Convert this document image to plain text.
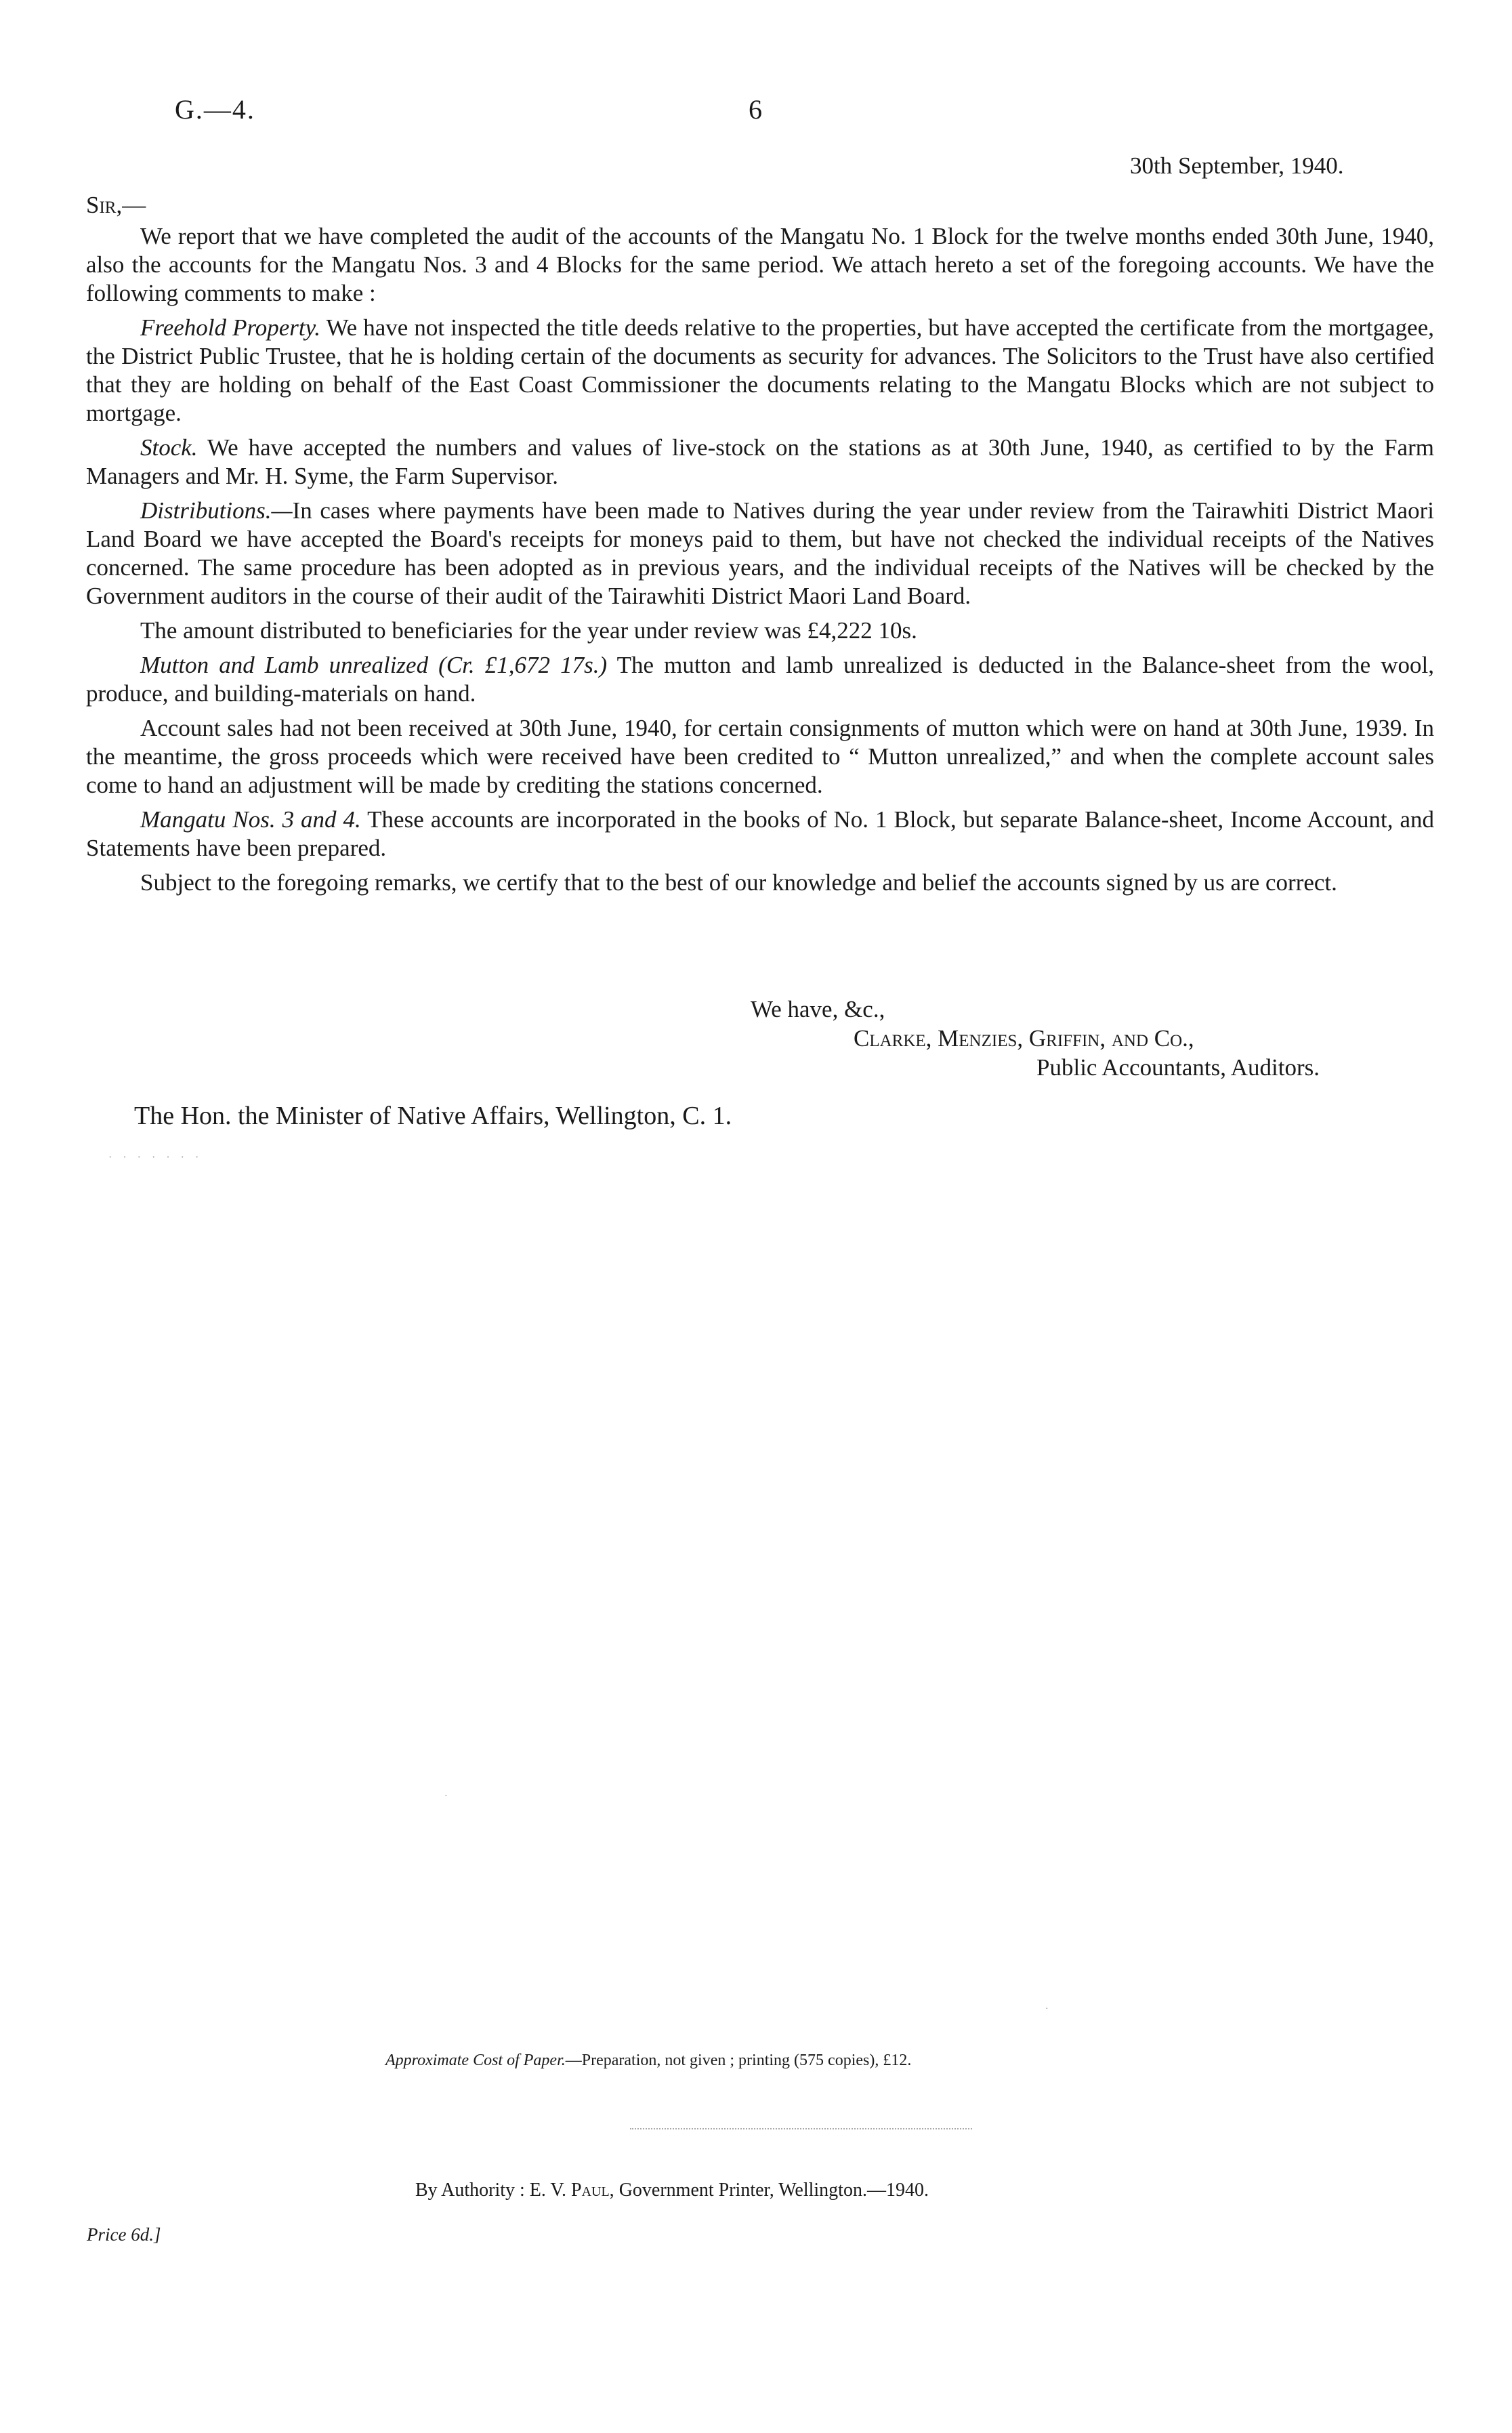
G.—4.	6
30th September, 1940.
Sir,—

We report that we have completed the audit of the accounts of the Mangatu No. 1 Block for the twelve months ended 30th June, 1940, also the accounts for the Mangatu Nos. 3 and 4 Blocks for the same period. We attach hereto a set of the foregoing accounts. We have the following comments to make :

Freehold Property. We have not inspected the title deeds relative to the properties, but have accepted the certificate from the mortgagee, the District Public Trustee, that he is holding certain of the documents as security for advances. The Solicitors to the Trust have also certified that they are holding on behalf of the East Coast Commissioner the documents relating to the Mangatu Blocks which are not subject to mortgage.

Stock. We have accepted the numbers and values of live-stock on the stations as at 30th June, 1940, as certified to by the Farm Managers and Mr. H. Syme, the Farm Supervisor.

Distributions.—In cases where payments have been made to Natives during the year under review from the Tairawhiti District Maori Land Board we have accepted the Board's receipts for moneys paid to them, but have not checked the individual receipts of the Natives concerned. The same procedure has been adopted as in previous years, and the individual receipts of the Natives will be checked by the Government auditors in the course of their audit of the Tairawhiti District Maori Land Board.

The amount distributed to beneficiaries for the year under review was £4,222 10s.

Mutton and Lamb unrealized (Cr. £1,672 17s.) The mutton and lamb unrealized is deducted in the Balance-sheet from the wool, produce, and building-materials on hand.

Account sales had not been received at 30th June, 1940, for certain consignments of mutton which were on hand at 30th June, 1939. In the meantime, the gross proceeds which were received have been credited to “ Mutton unrealized,” and when the complete account sales come to hand an adjustment will be made by crediting the stations concerned.

Mangatu Nos. 3 and 4. These accounts are incorporated in the books of No. 1 Block, but separate Balance-sheet, Income Account, and Statements have been prepared.

Subject to the foregoing remarks, we certify that to the best of our knowledge and belief the accounts signed by us are correct.

We have, &c.,
Clarke, Menzies, Griffin, and Co.,
Public Accountants, Auditors.
The Hon. the Minister of Native Affairs, Wellington, C. 1.
· · · · · · ·
·
·
Approximate Cost of Paper.—Preparation, not given ; printing (575 copies), £12.
By Authority : E. V. Paul, Government Printer, Wellington.—1940.
Price 6d.]
